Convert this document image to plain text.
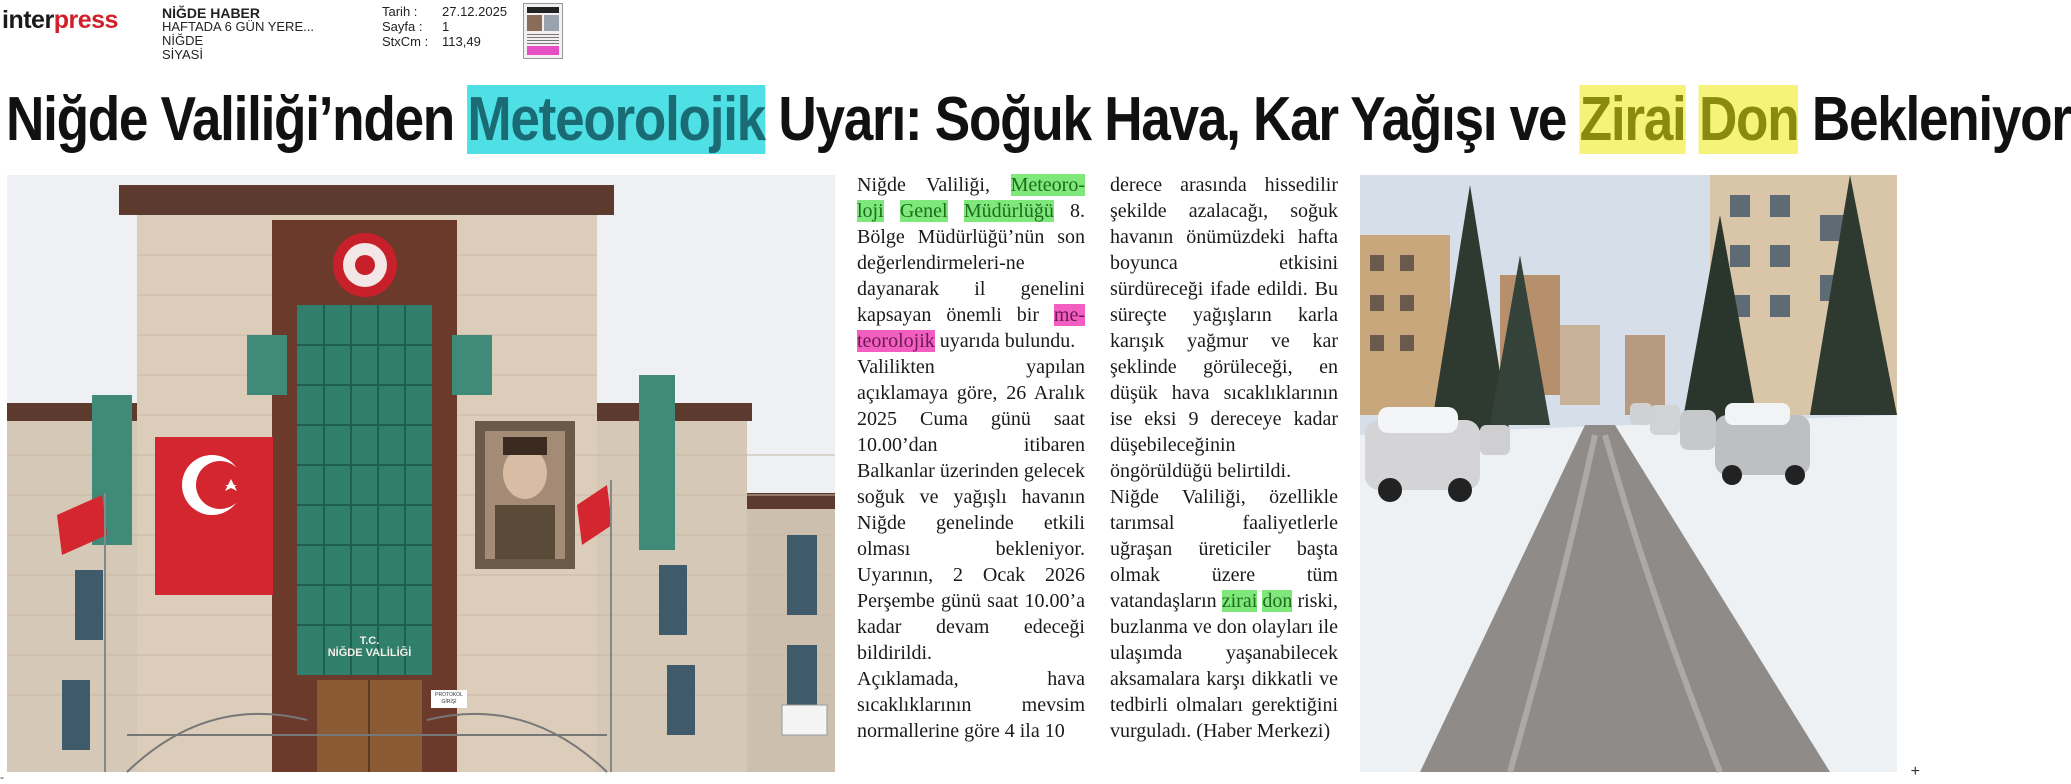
interpress	NİĞDE HABER
HAFTADA 6 GÜN YERE...
NİĞDE
SİYASİ
Tarih :	27.12.2025
Sayfa :	1
StxCm :	113,49
Niğde Valiliği’nden Meteorolojik Uyarı: Soğuk Hava, Kar Yağışı ve Zirai Don Bekleniyor
T.C.
NİĞDE VALİLİĞİ
PROTOKOL GİRİŞİ

Niğde Valiliği, Meteoro- loji Genel Müdürlüğü 8. Bölge Müdürlüğü’nün son değerlendirmeleri-ne dayanarak il genelini kapsayan önemli bir me- teorolojik uyarıda bulundu.

Valilikten yapılan açıklamaya göre, 26 Aralık 2025 Cuma günü saat 10.00’dan itibaren Balkanlar üzerinden gelecek soğuk ve yağışlı havanın Niğde genelinde etkili olması bekleniyor. Uyarının, 2 Ocak 2026 Perşembe günü saat 10.00’a kadar devam edeceği bildirildi.

Açıklamada, hava sıcaklıklarının mevsim normallerine göre 4 ila 10

derece arasında hissedilir şekilde azalacağı, soğuk havanın önümüzdeki hafta boyunca etkisini sürdüreceği ifade edildi. Bu süreçte yağışların karla karışık yağmur ve kar şeklinde görüleceği, en düşük hava sıcaklıklarının ise eksi 9 dereceye kadar düşebileceğinin öngörüldüğü belirtildi.

Niğde Valiliği, özellikle tarımsal faaliyetlerle uğraşan üreticiler başta olmak üzere tüm vatandaşların zirai don riski, buzlanma ve don olayları ile ulaşımda yaşanabilecek aksamalara karşı dikkatli ve tedbirli olmaları gerektiğini vurguladı. (Haber Merkezi)

-	+
